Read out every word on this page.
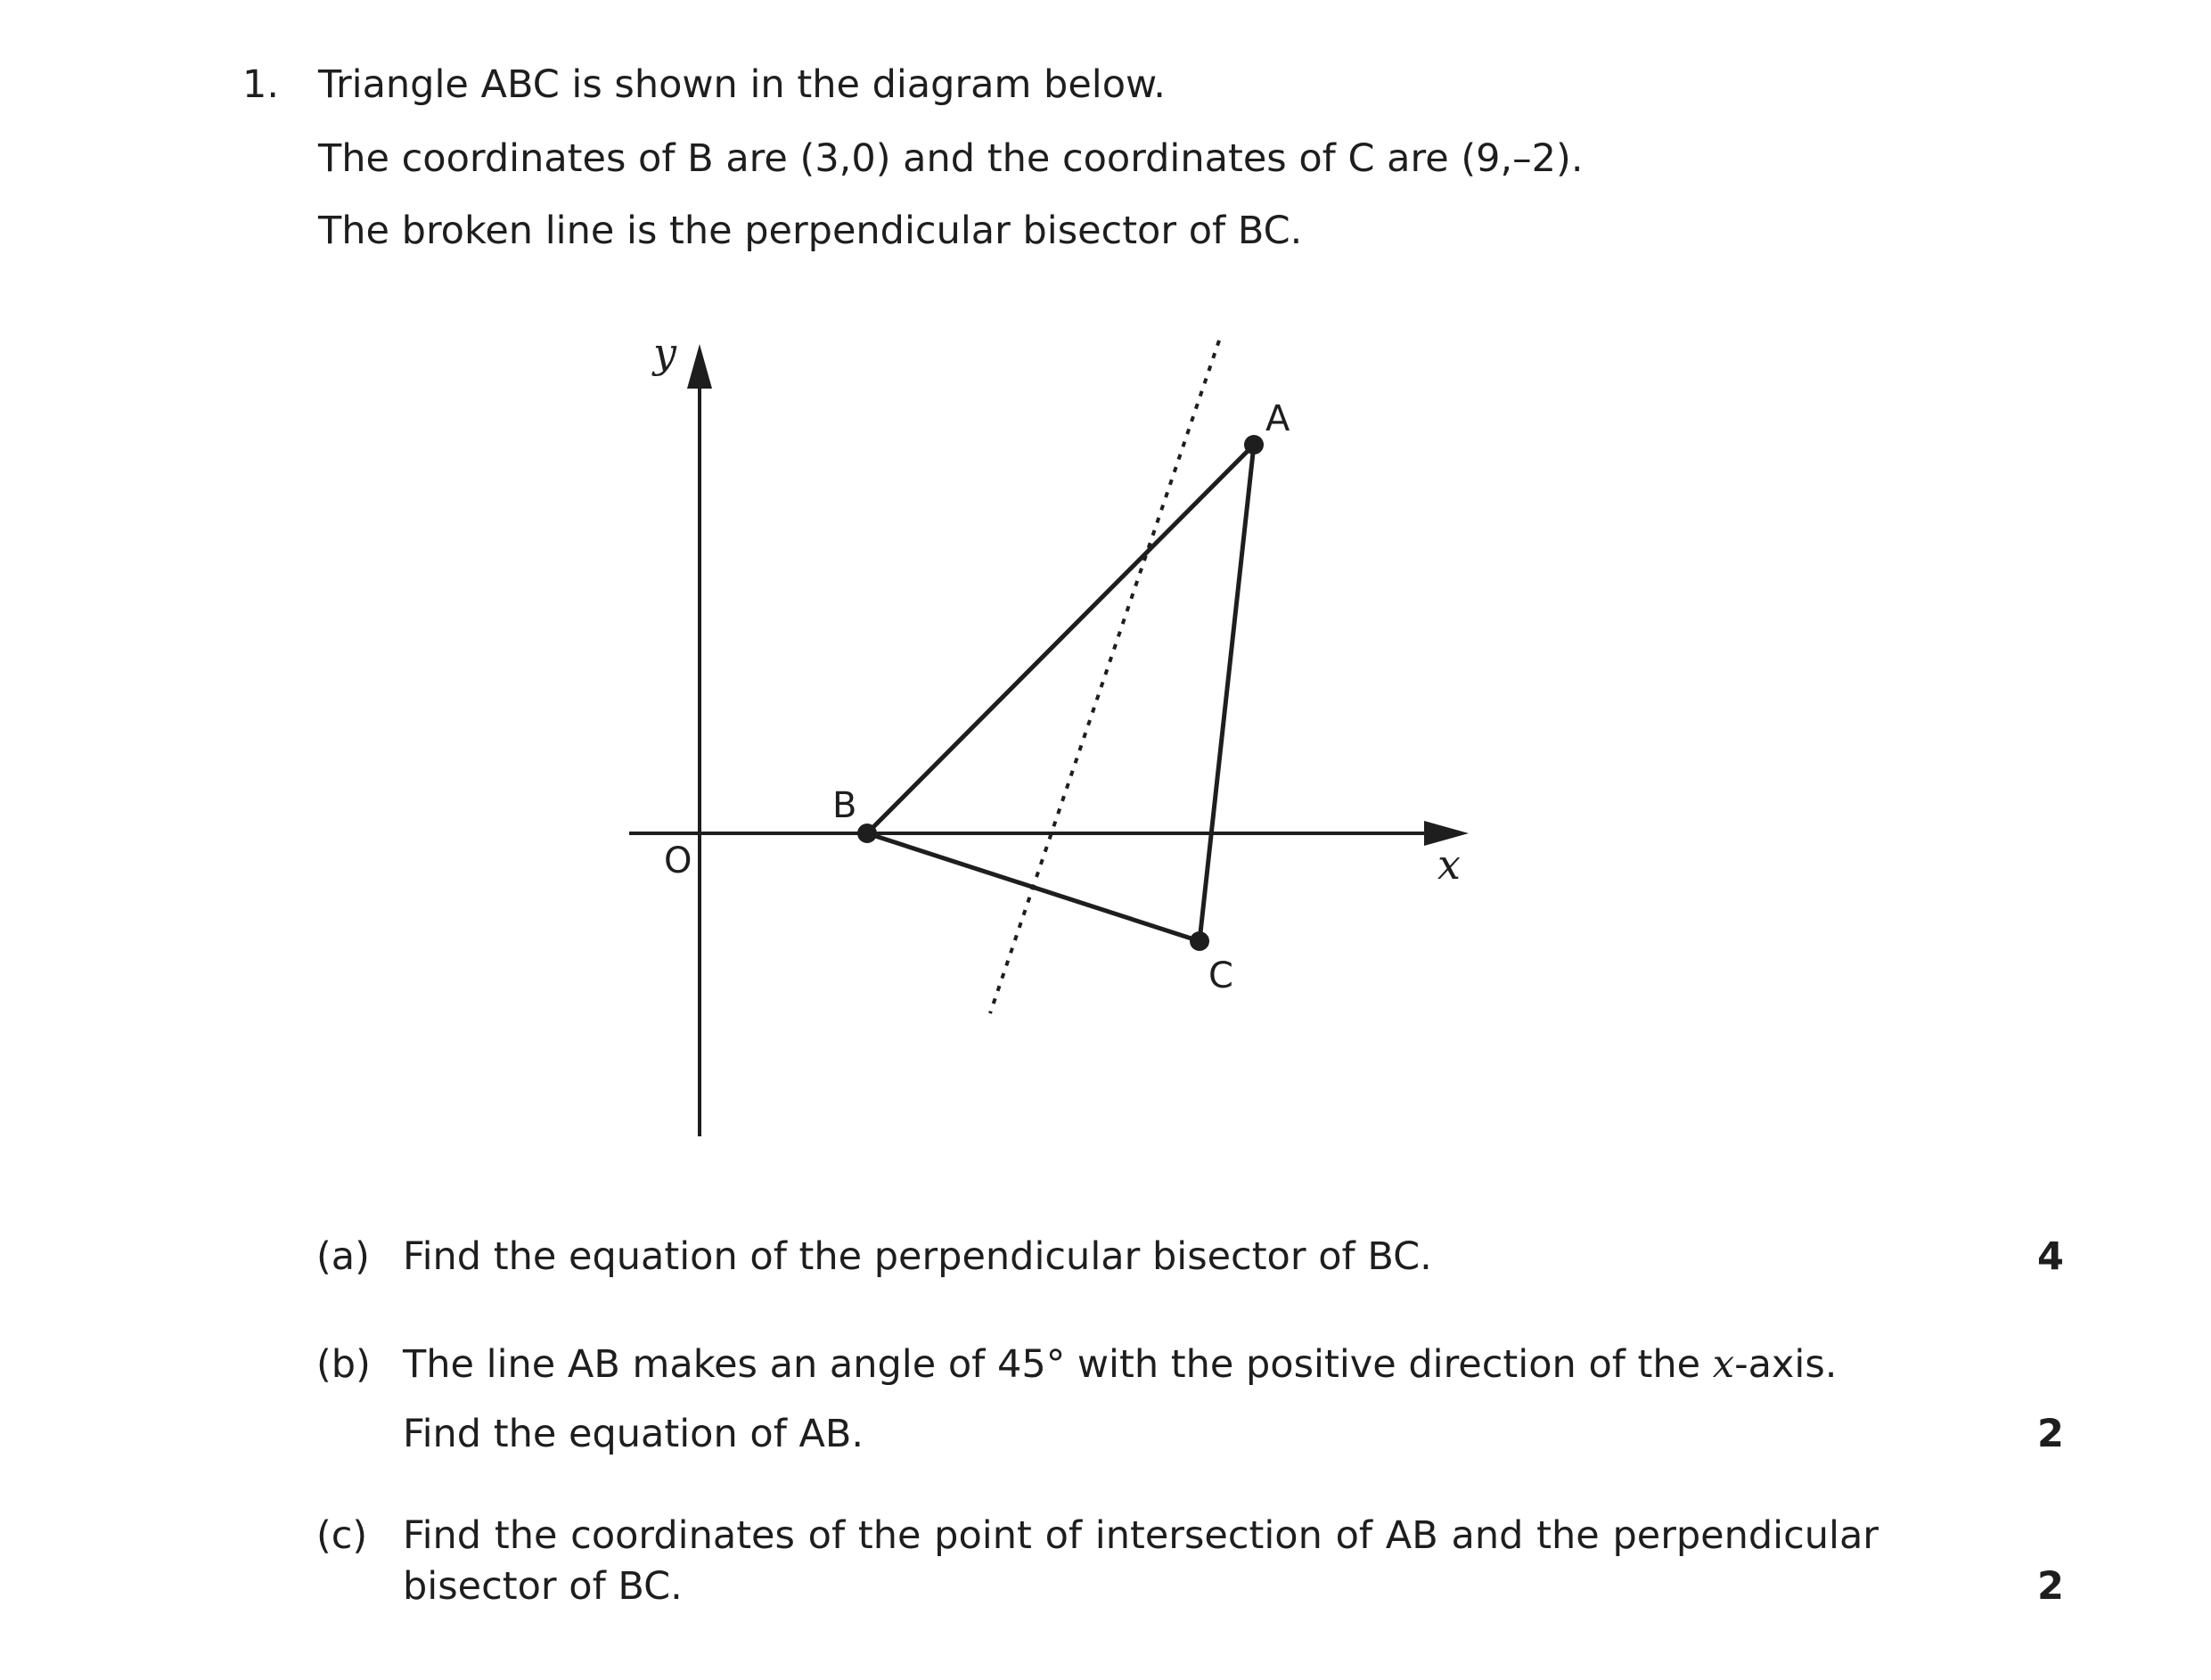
1. Triangle ABC is shown in the diagram below.
The coordinates of B are (3,0) and the coordinates of C are (9,–2).
The broken line is the perpendicular bisector of BC.
y
x
O
A
B
C
(a) Find the equation of the perpendicular bisector of BC.	4
(b) The line AB makes an angle of 45° with the positive direction of the x-axis.
Find the equation of AB.	2
(c) Find the coordinates of the point of intersection of AB and the perpendicular
bisector of BC.	2
